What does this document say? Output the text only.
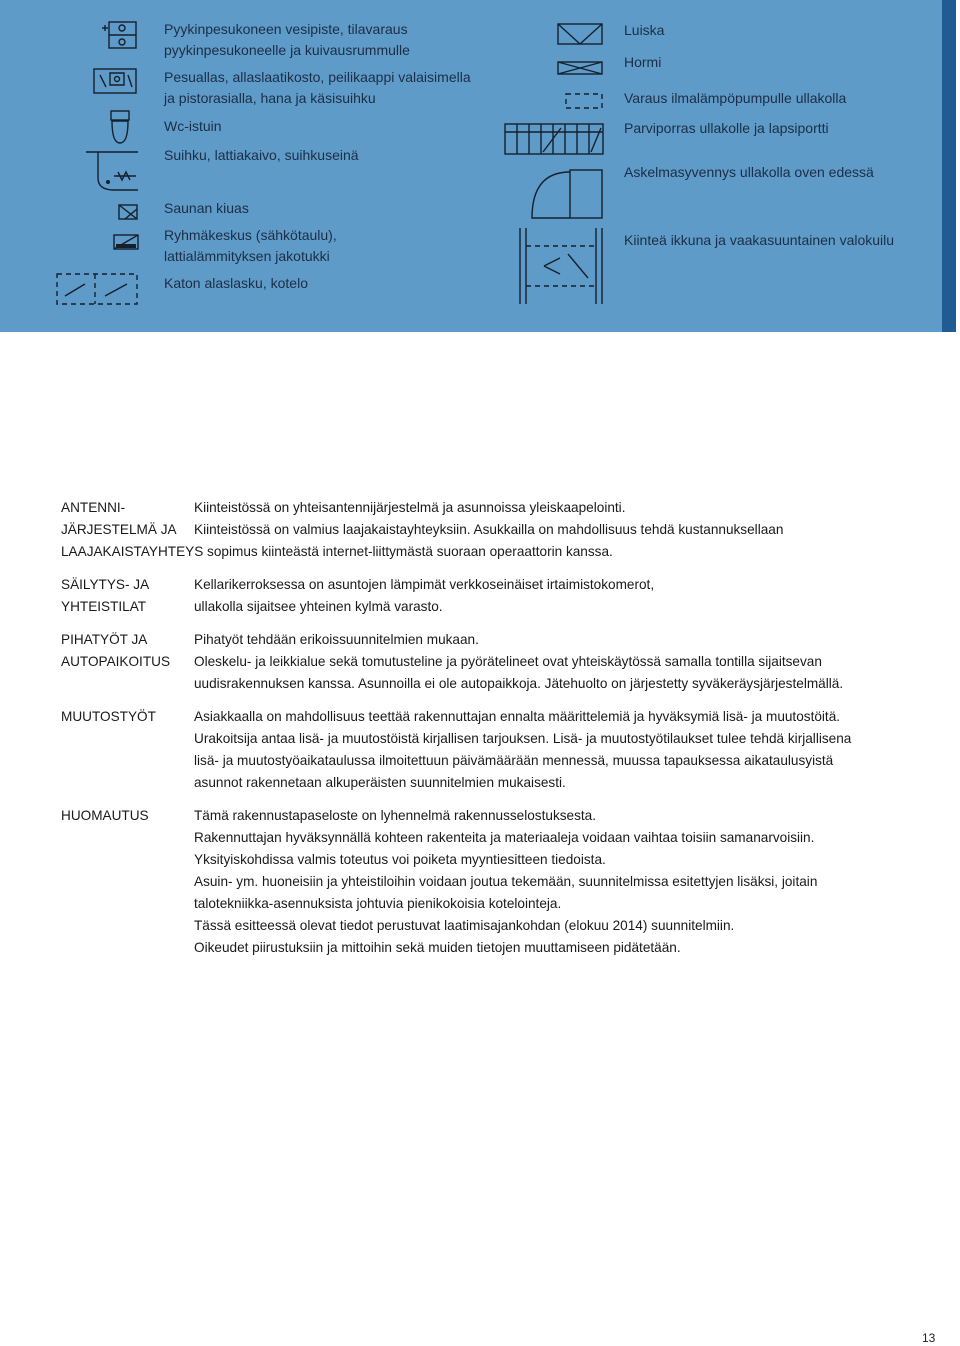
Pyykinpesukoneen vesipiste, tilavaraus
pyykinpesukoneelle ja kuivausrummulle
Pesuallas, allaslaatikosto, peilikaappi valaisimella
ja pistorasialla, hana ja käsisuihku
Wc-istuin
Suihku, lattiakaivo, suihkuseinä
Saunan kiuas
Ryhmäkeskus (sähkötaulu),
lattialämmityksen jakotukki
Katon alaslasku, kotelo
Luiska
Hormi
Varaus ilmalämpöpumpulle ullakolla
Parviporras ullakolle ja lapsiportti
Askelmasyvennys ullakolla oven edessä
Kiinteä ikkuna ja vaakasuuntainen valokuilu
ANTENNI-
JÄRJESTELMÄ JA
Kiinteistössä on yhteisantennijärjestelmä ja asunnoissa yleiskaapelointi.
Kiinteistössä on valmius laajakaistayhteyksiin. Asukkailla on mahdollisuus tehdä kustannuksellaan
LAAJAKAISTAYHTEYS sopimus kiinteästä internet-liittymästä suoraan operaattorin kanssa.
SÄILYTYS- JA
YHTEISTILAT
Kellarikerroksessa on asuntojen lämpimät verkkoseinäiset irtaimistokomerot,
ullakolla sijaitsee yhteinen kylmä varasto.
PIHATYÖT JA
AUTOPAIKOITUS
Pihatyöt tehdään erikoissuunnitelmien mukaan.
Oleskelu- ja leikkialue sekä tomutusteline ja pyörätelineet ovat yhteiskäytössä samalla tontilla sijaitsevan
uudisrakennuksen kanssa. Asunnoilla ei ole autopaikkoja. Jätehuolto on järjestetty syväkeräysjärjestelmällä.
MUUTOSTYÖT	Asiakkaalla on mahdollisuus teettää rakennuttajan ennalta määrittelemiä ja hyväksymiä lisä- ja muutostöitä.
Urakoitsija antaa lisä- ja muutostöistä kirjallisen tarjouksen. Lisä- ja muutostyötilaukset tulee tehdä kirjallisena
lisä- ja muutostyöaikataulussa ilmoitettuun päivämäärään mennessä, muussa tapauksessa aikataulusyistä
asunnot rakennetaan alkuperäisten suunnitelmien mukaisesti.
HUOMAUTUS	Tämä rakennustapaseloste on lyhennelmä rakennusselostuksesta.
Rakennuttajan hyväksynnällä kohteen rakenteita ja materiaaleja voidaan vaihtaa toisiin samanarvoisiin.
Yksityiskohdissa valmis toteutus voi poiketa myyntiesitteen tiedoista.
Asuin- ym. huoneisiin ja yhteistiloihin voidaan joutua tekemään, suunnitelmissa esitettyjen lisäksi, joitain
talotekniikka-asennuksista johtuvia pienikokoisia kotelointeja.
Tässä esitteessä olevat tiedot perustuvat laatimisajankohdan (elokuu 2014) suunnitelmiin.
Oikeudet piirustuksiin ja mittoihin sekä muiden tietojen muuttamiseen pidätetään.
13
